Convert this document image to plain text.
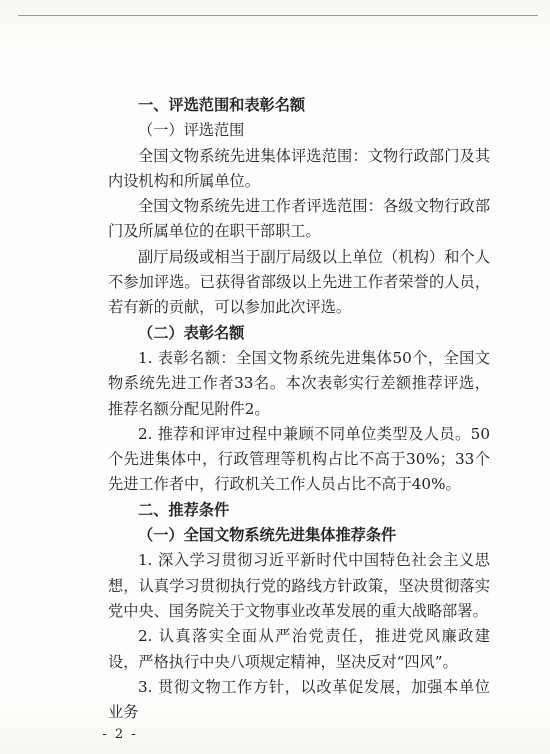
一、评选范围和表彰名额

（一）评选范围

全国文物系统先进集体评选范围：文物行政部门及其内设机构和所属单位。

全国文物系统先进工作者评选范围：各级文物行政部门及所属单位的在职干部职工。

副厅局级或相当于副厅局级以上单位（机构）和个人不参加评选。已获得省部级以上先进工作者荣誉的人员，若有新的贡献，可以参加此次评选。

（二）表彰名额

1. 表彰名额：全国文物系统先进集体50个，全国文物系统先进工作者33名。本次表彰实行差额推荐评选，推荐名额分配见附件2。

2. 推荐和评审过程中兼顾不同单位类型及人员。50个先进集体中，行政管理等机构占比不高于30%；33个先进工作者中，行政机关工作人员占比不高于40%。

二、推荐条件

（一）全国文物系统先进集体推荐条件

1. 深入学习贯彻习近平新时代中国特色社会主义思想，认真学习贯彻执行党的路线方针政策，坚决贯彻落实党中央、国务院关于文物事业改革发展的重大战略部署。

2. 认真落实全面从严治党责任，推进党风廉政建设，严格执行中央八项规定精神，坚决反对“四风”。

3. 贯彻文物工作方针，以改革促发展，加强本单位业务

- 2 -
